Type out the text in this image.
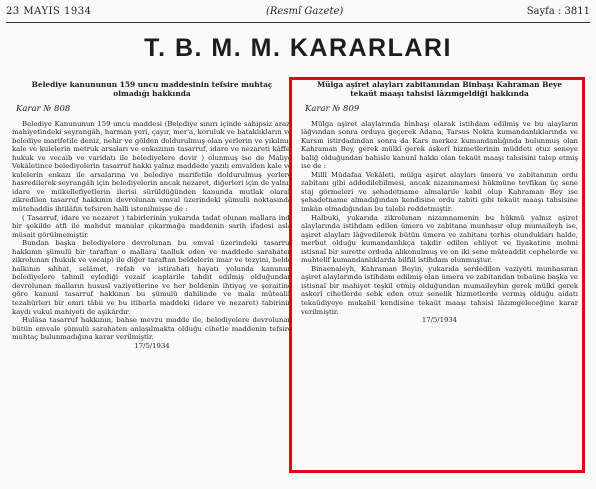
23 MAYIS 1934	(Resmî Gazete)	Sayfa : 3811
T. B. M. M. KARARLARI
Belediye kanununun 159 uncu maddesinin tefsire muhtaç olmadığı hakkında
Karar № 808

Belediye Kanununun 159 uncu maddesi (Belediye sınırı içinde sahipsiz arazi mahiyetindeki seyrangâh, harman yeri, çayır, mer'a, koruluk ve bataklıkların ve belediye marifetile deniz, nehir ve gölden doldurulmuş olan yerlerin ve yıkılmış kale ve kulelerin metruk arsaları ve enkazının tasarruf, idare ve nezareti kâffei hukuk ve vecaib ve varidatı ile belediyelere devir ) olunmuş ise de Maliye Vekâletince belediyelerin tasarruf hakkı yalnız maddede yazılı emvalden kale ve kulelerin enkazı ile arsalarına ve belediye marifetile doldurulmuş yerlere hasredilerek seyrangâh için belediyelerin ancak nezaret, diğerleri için de yalnız idare ve mükellefiyetlerin ilerisi sürüldüğünden kanunda mutlak olarak zikredilen tasarruf hakkının devrolunan emval üzerindeki şümulü noktasında mütehaddis ihtilâfın tefsiren halli istenilmişse de :

( Tasarruf, idare ve nezaret ) tabirlerinin yukarıda tadat olunan mallara indî bir şekilde atfi ile mahdut manalar çıkarmağa maddenin sarih ifadesi asla müsait görülmemiştir.

Bundan başka belediyelere devrolunan bu emval üzerindeki tasarruf hakkının şümulü bir taraftan o mallara taalluk eden ve maddede sarahaten zikrolunan (hukuk ve vecaip) ile diğer taraftan beldelerin imar ve tezyini, belde halkının sıhhat, selâmet, refah ve istirahati hayatı yolunda kanunun belediyelere tahmil eylediği vezaif icaplarile tahdit edilmiş olduğundan devrolunan malların hususî vaziyetlerine ve her beldenin ihtiyaç ve şeraitine göre kanunî tasarruf hakkının bu şümulü dahilinde ve mala mütealik tezahürleri bir emri tâbii ve bu itibarla maddeki (idare ve nezaret) tabirinin kaydı vukuî mahiyeti de aşikârdır.

Hulâsa tasarruf hakkının, bahse mevzu madde ile, belediyelere devrolunan bütün emvale şümulü sarahaten anlaşılmakta olduğu cihetle maddenin tefsire muhtaç bulunmadığına karar verilmiştir.

17/5/1934
Mülga aşiret alayları zabitanından Binbaşı Kahraman Beye tekaüt maaşı tahsisi lâzımgeldiği hakkında
Karar № 809

Mülga aşiret alaylarında binbaşı olarak istihdam edilmiş ve bu alayların lâğvından sonra orduya geçerek Adana, Tarsus Nokta kumandanlıklarında ve Karsın istirdadından sonra da Kars merkez kumandanlığında bulunmuş olan Kahraman Bey, gerek mülkî gerek askerî hizmetlerinin müddeti otuz seneye baliğ olduğundan bahisle kanunî hakkı olan tekaüt maaşı tahsisini talep etmiş ise de :

Millî Müdafaa Vekâleti, mülga aşiret alayları ümera ve zabitanının ordu zabitanı gibi addedilebilmesi, ancak nizamnamesi hükmüne tevfikan üç sene staj görmeleri ve şehadetname almalarile kabil olup Kahraman Bey ise şehadetname almadığından kendisine ordu zabiti gibi tekaüt maaşı tahsisine imkân olmadığından bu talebi reddetmiştir.

Halbuki, yukarıda zikrolunan nizamnamenin bu hükmü yalnız aşiret alaylarında istihdam edilen ümera ve zabitana munhasır olup mumaileyh ise, aşiret alayları lâğvedilerek bütün ümera ve zabitanı terhis olundukları halde, merbut olduğu kumandanlıkça takdir edilen ehliyet ve liyakatine mebni istisnaî bir surette orduda alıkonulmuş ve on iki sene müteaddit cephelerde ve muhtelif kumandanlıklarda bilfiil istihdam olunmuştur.

Binaenaleyh, Kahraman Beyin, yukarıda serdedilen vaziyeti munhasıran aşiret alaylarında istihdam edilmiş olan ümera ve zabitandan tebaüne başka ve istisnaî bir mahiyet teşkil etmiş olduğundan mumaileyhin gerek mülkî gerek askerî cihetlerde sebk eden otuz senelik hizmetlerde vermiş olduğu aidatı tekaüdiyeye mukabil kendisine tekaüt maaşı tahsisi lâzımgeleceğine karar verilmiştir.

17/5/1934
